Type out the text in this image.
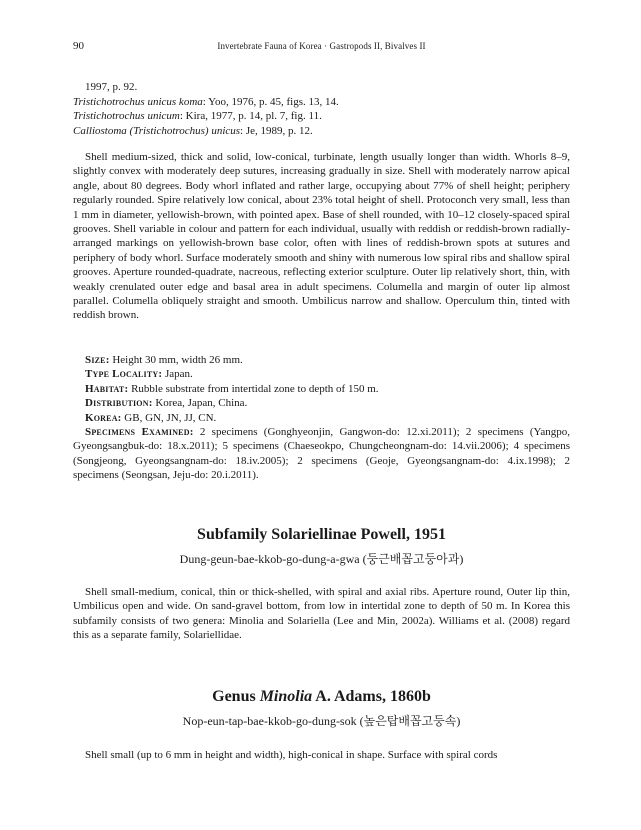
90	Invertebrate Fauna of Korea · Gastropods II, Bivalves II
1997, p. 92.
Tristichotrochus unicus koma: Yoo, 1976, p. 45, figs. 13, 14.
Tristichotrochus unicum: Kira, 1977, p. 14, pl. 7, fig. 11.
Calliostoma (Tristichotrochus) unicus: Je, 1989, p. 12.

Shell medium-sized, thick and solid, low-conical, turbinate, length usually longer than width. Whorls 8–9, slightly convex with moderately deep sutures, increasing gradually in size. Shell with moderately narrow apical angle, about 80 degrees. Body whorl inflated and rather large, occupying about 77% of shell height; periphery regularly rounded. Spire relatively low conical, about 23% total height of shell. Protoconch very small, less than 1 mm in diameter, yellowish-brown, with pointed apex. Base of shell rounded, with 10–12 closely-spaced spiral grooves. Shell variable in colour and pattern for each individual, usually with reddish or reddish-brown radially-arranged markings on yellowish-brown base color, often with lines of reddish-brown spots at sutures and periphery of body whorl. Surface moderately smooth and shiny with numerous low spiral ribs and shallow spiral grooves. Aperture rounded-quadrate, nacreous, reflecting exterior sculpture. Outer lip relatively short, thin, with weakly crenulated outer edge and basal area in adult specimens. Columella and margin of outer lip almost parallel. Columella obliquely straight and smooth. Umbilicus narrow and shallow. Operculum thin, tinted with reddish brown.

Size: Height 30 mm, width 26 mm.

Type Locality: Japan.

Habitat: Rubble substrate from intertidal zone to depth of 150 m.

Distribution: Korea, Japan, China.

Korea: GB, GN, JN, JJ, CN.

Specimens Examined: 2 specimens (Gonghyeonjin, Gangwon-do: 12.xi.2011); 2 specimens (Yangpo, Gyeongsangbuk-do: 18.x.2011); 5 specimens (Chaeseokpo, Chungcheongnam-do: 14.vii.2006); 4 specimens (Songjeong, Gyeongsangnam-do: 18.iv.2005); 2 specimens (Geoje, Gyeongsangnam-do: 4.ix.1998); 2 specimens (Seongsan, Jeju-do: 20.i.2011).

Subfamily Solariellinae Powell, 1951
Dung-geun-bae-kkob-go-dung-a-gwa (둥근배꼽고둥아과)

Shell small-medium, conical, thin or thick-shelled, with spiral and axial ribs. Aperture round, Outer lip thin, Umbilicus open and wide. On sand-gravel bottom, from low in intertidal zone to depth of 50 m. In Korea this subfamily consists of two genera: Minolia and Solariella (Lee and Min, 2002a). Williams et al. (2008) regard this as a separate family, Solariellidae.

Genus Minolia A. Adams, 1860b
Nop-eun-tap-bae-kkob-go-dung-sok (높은탑배꼽고둥속)

Shell small (up to 6 mm in height and width), high-conical in shape. Surface with spiral cords
